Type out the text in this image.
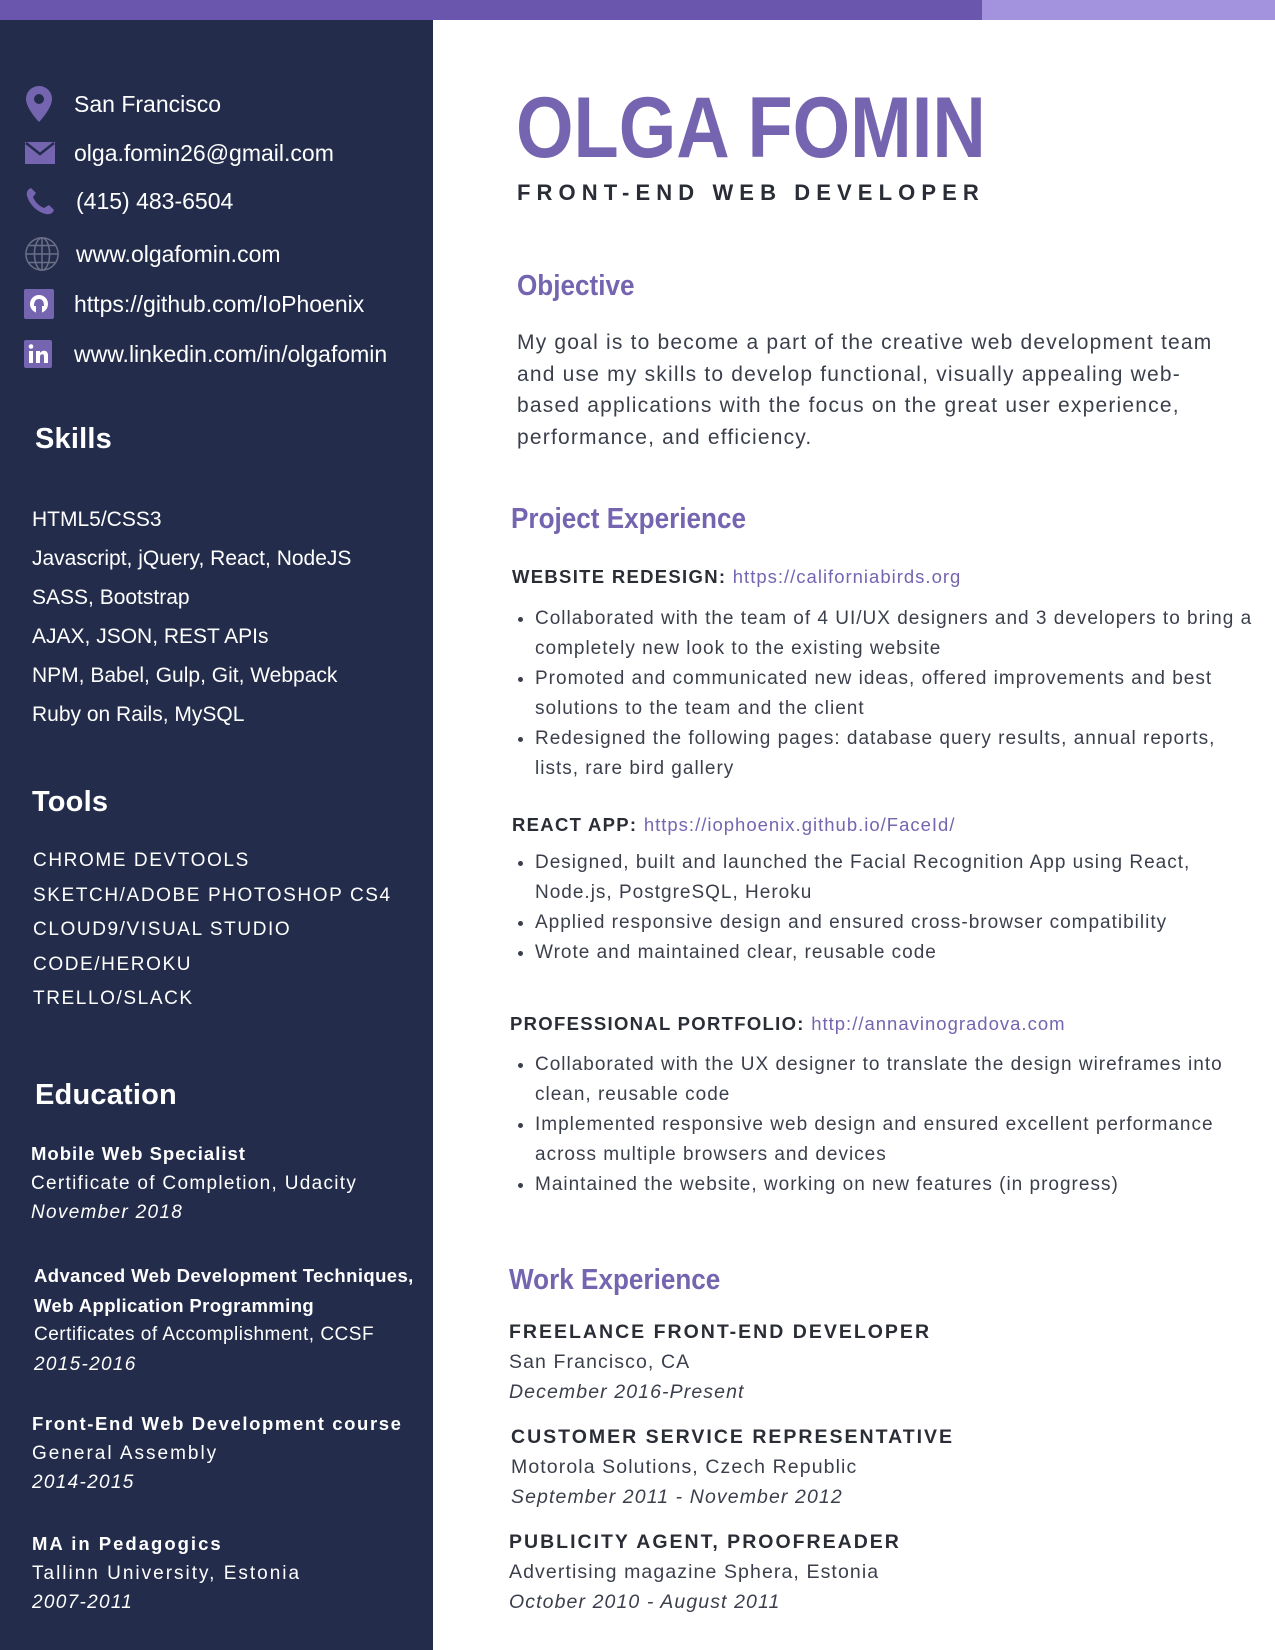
San Francisco
olga.fomin26@gmail.com
(415) 483-6504
www.olgafomin.com
https://github.com/IoPhoenix
www.linkedin.com/in/olgafomin
Skills
HTML5/CSS3
Javascript, jQuery, React, NodeJS
SASS, Bootstrap
AJAX, JSON, REST APIs
NPM, Babel, Gulp, Git, Webpack
Ruby on Rails, MySQL
Tools
CHROME DEVTOOLS
SKETCH/ADOBE PHOTOSHOP CS4
CLOUD9/VISUAL STUDIO
CODE/HEROKU
TRELLO/SLACK
Education
Mobile Web Specialist
Certificate of Completion, Udacity
November 2018
Advanced Web Development Techniques, Web Application Programming
Certificates of Accomplishment, CCSF
2015-2016
Front-End Web Development course
General Assembly
2014-2015
MA in Pedagogics
Tallinn University, Estonia
2007-2011
OLGA FOMIN
FRONT-END WEB DEVELOPER
Objective

My goal is to become a part of the creative web development team and use my skills to develop functional, visually appealing web-based applications with the focus on the great user experience, performance, and efficiency.

Project Experience
WEBSITE REDESIGN: https://californiabirds.org
• Collaborated with the team of 4 UI/UX designers and 3 developers to bring a completely new look to the existing website
• Promoted and communicated new ideas, offered improvements and best solutions to the team and the client
• Redesigned the following pages: database query results, annual reports, lists, rare bird gallery
REACT APP: https://iophoenix.github.io/FaceId/
• Designed, built and launched the Facial Recognition App using React, Node.js, PostgreSQL, Heroku
• Applied responsive design and ensured cross-browser compatibility
• Wrote and maintained clear, reusable code
PROFESSIONAL PORTFOLIO: http://annavinogradova.com
• Collaborated with the UX designer to translate the design wireframes into clean, reusable code
• Implemented responsive web design and ensured excellent performance across multiple browsers and devices
• Maintained the website, working on new features (in progress)
Work Experience
FREELANCE FRONT-END DEVELOPER
San Francisco, CA
December 2016-Present
CUSTOMER SERVICE REPRESENTATIVE
Motorola Solutions, Czech Republic
September 2011 - November 2012
PUBLICITY AGENT, PROOFREADER
Advertising magazine Sphera, Estonia
October 2010 - August 2011
